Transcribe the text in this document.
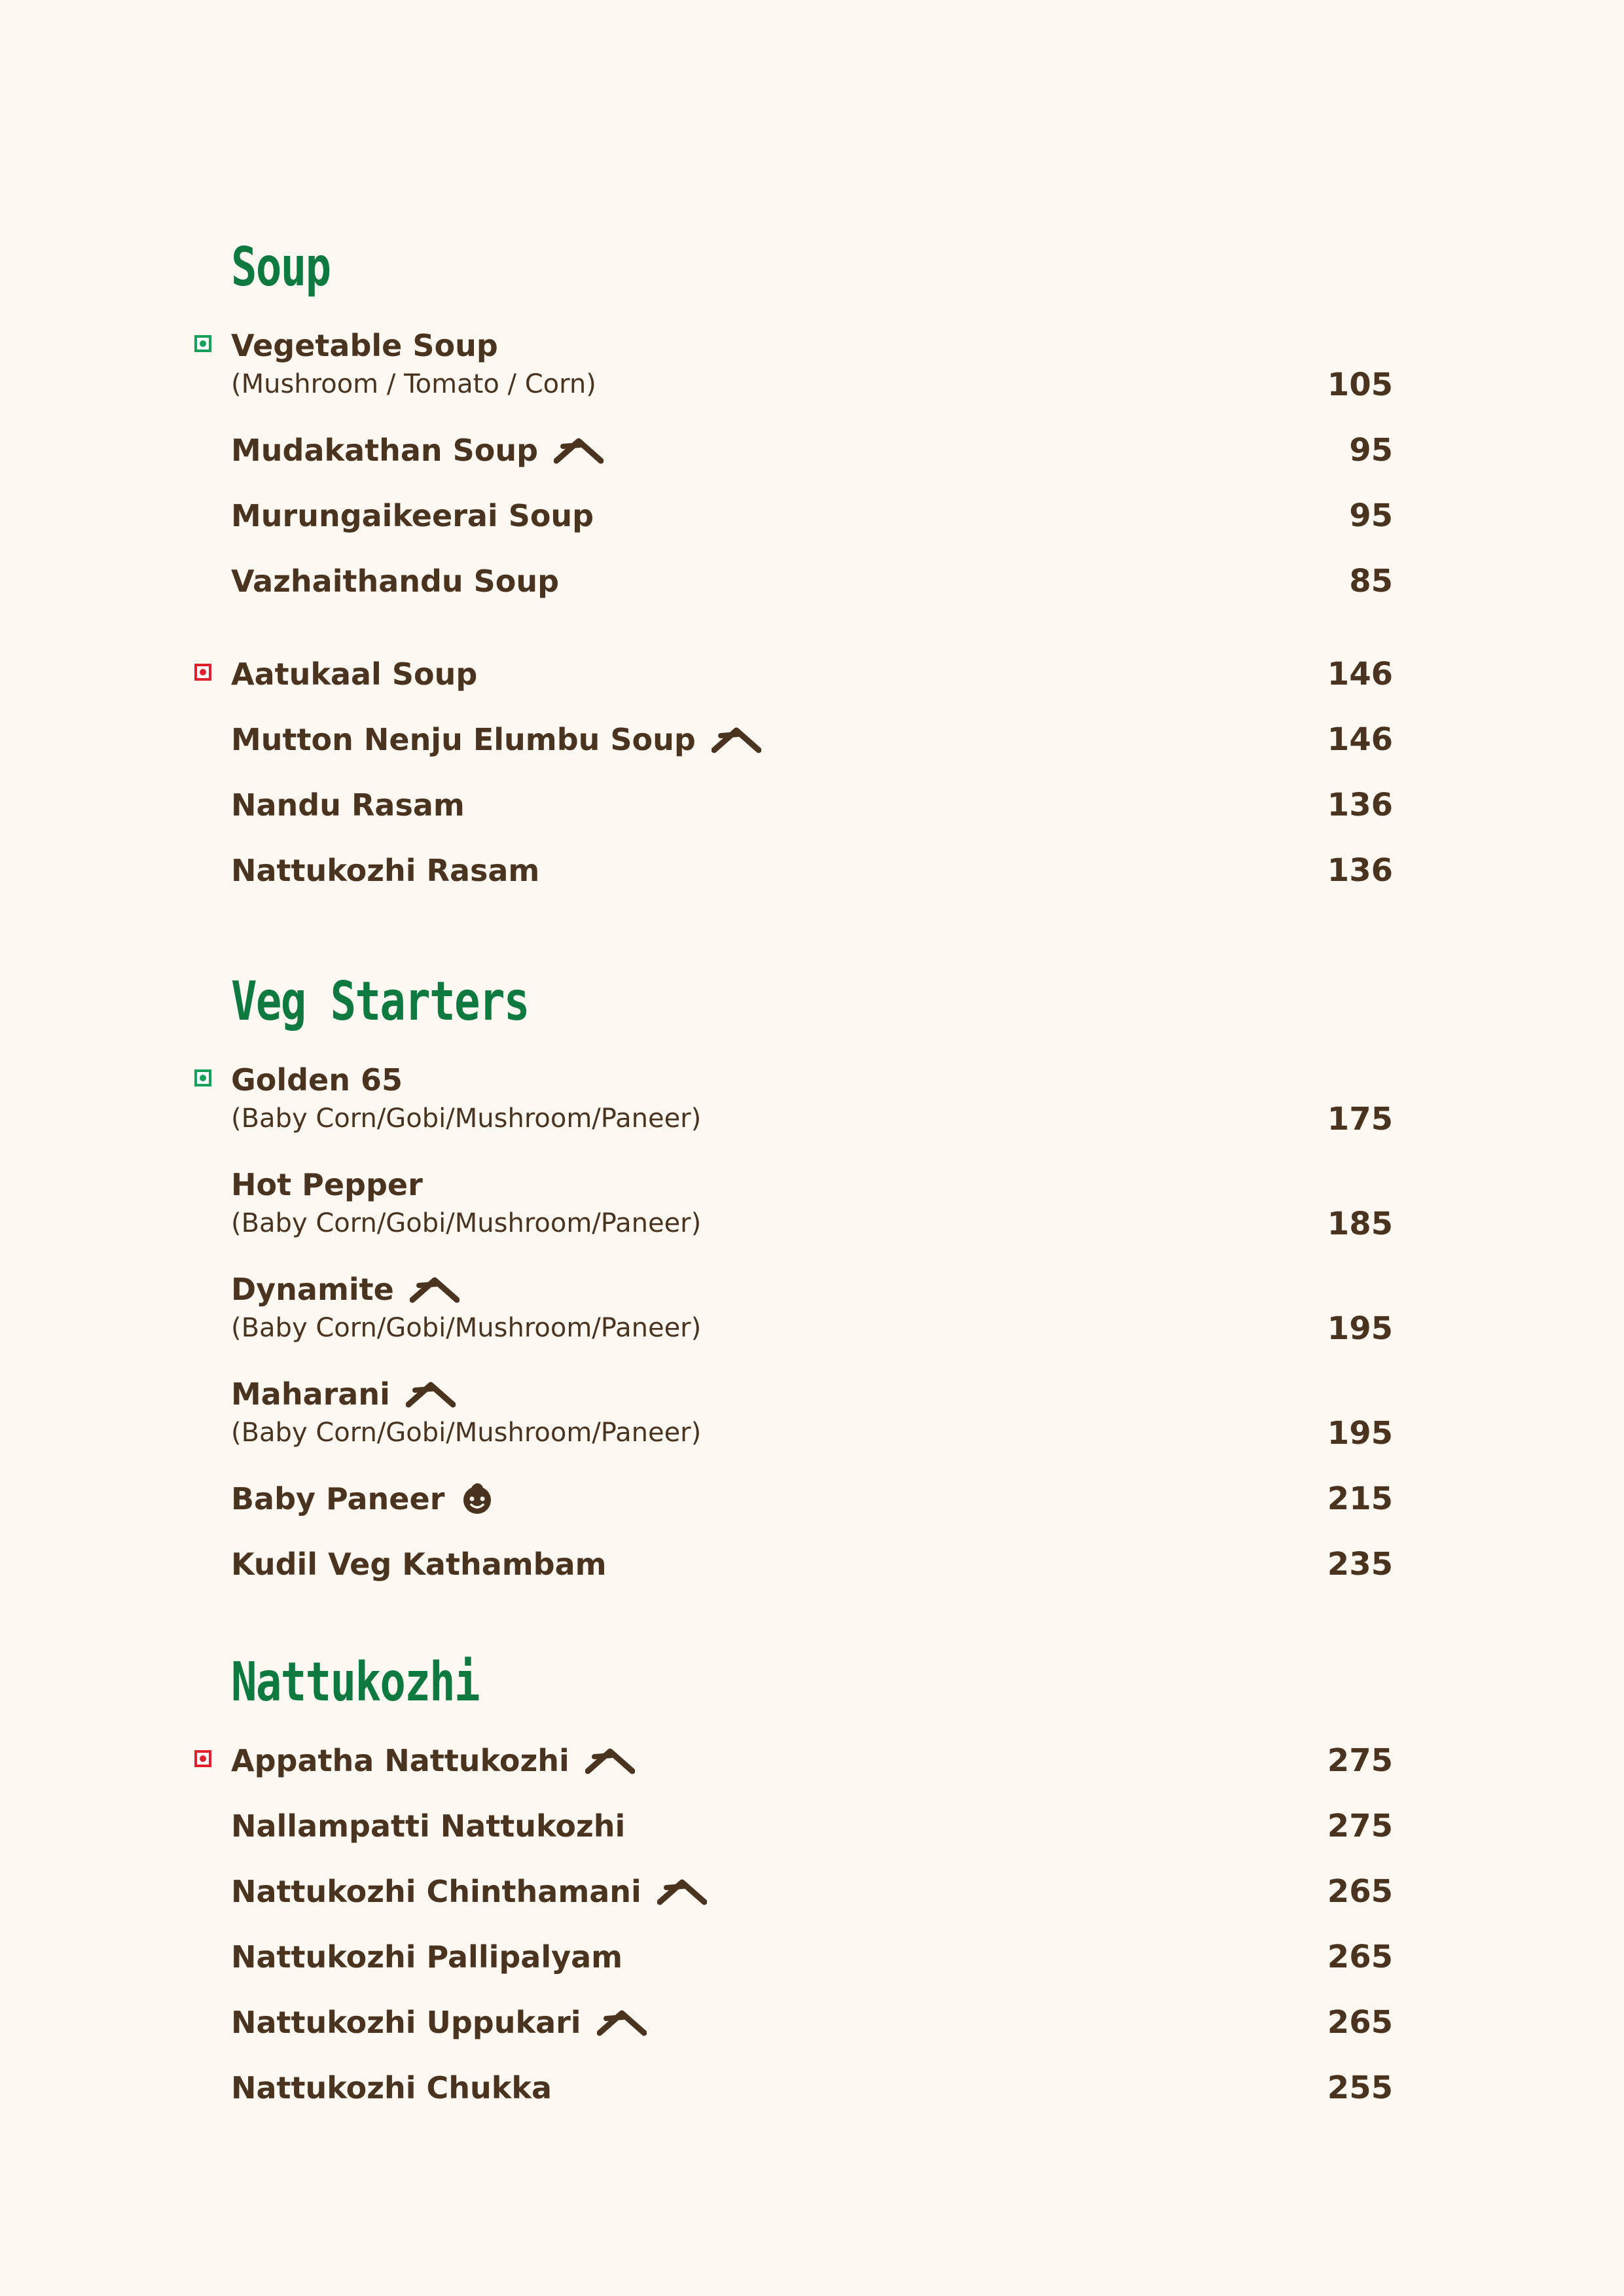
Soup
Vegetable Soup
(Mushroom / Tomato / Corn)	105
Mudakathan Soup	95
Murungaikeerai Soup	95
Vazhaithandu Soup	85
Aatukaal Soup	146
Mutton Nenju Elumbu Soup	146
Nandu Rasam	136
Nattukozhi Rasam	136
Veg Starters
Golden 65
(Baby Corn/Gobi/Mushroom/Paneer)	175
Hot Pepper
(Baby Corn/Gobi/Mushroom/Paneer)	185
Dynamite
(Baby Corn/Gobi/Mushroom/Paneer)	195
Maharani
(Baby Corn/Gobi/Mushroom/Paneer)	195
Baby Paneer	215
Kudil Veg Kathambam	235
Nattukozhi
Appatha Nattukozhi	275
Nallampatti Nattukozhi	275
Nattukozhi Chinthamani	265
Nattukozhi Pallipalyam	265
Nattukozhi Uppukari	265
Nattukozhi Chukka	255
